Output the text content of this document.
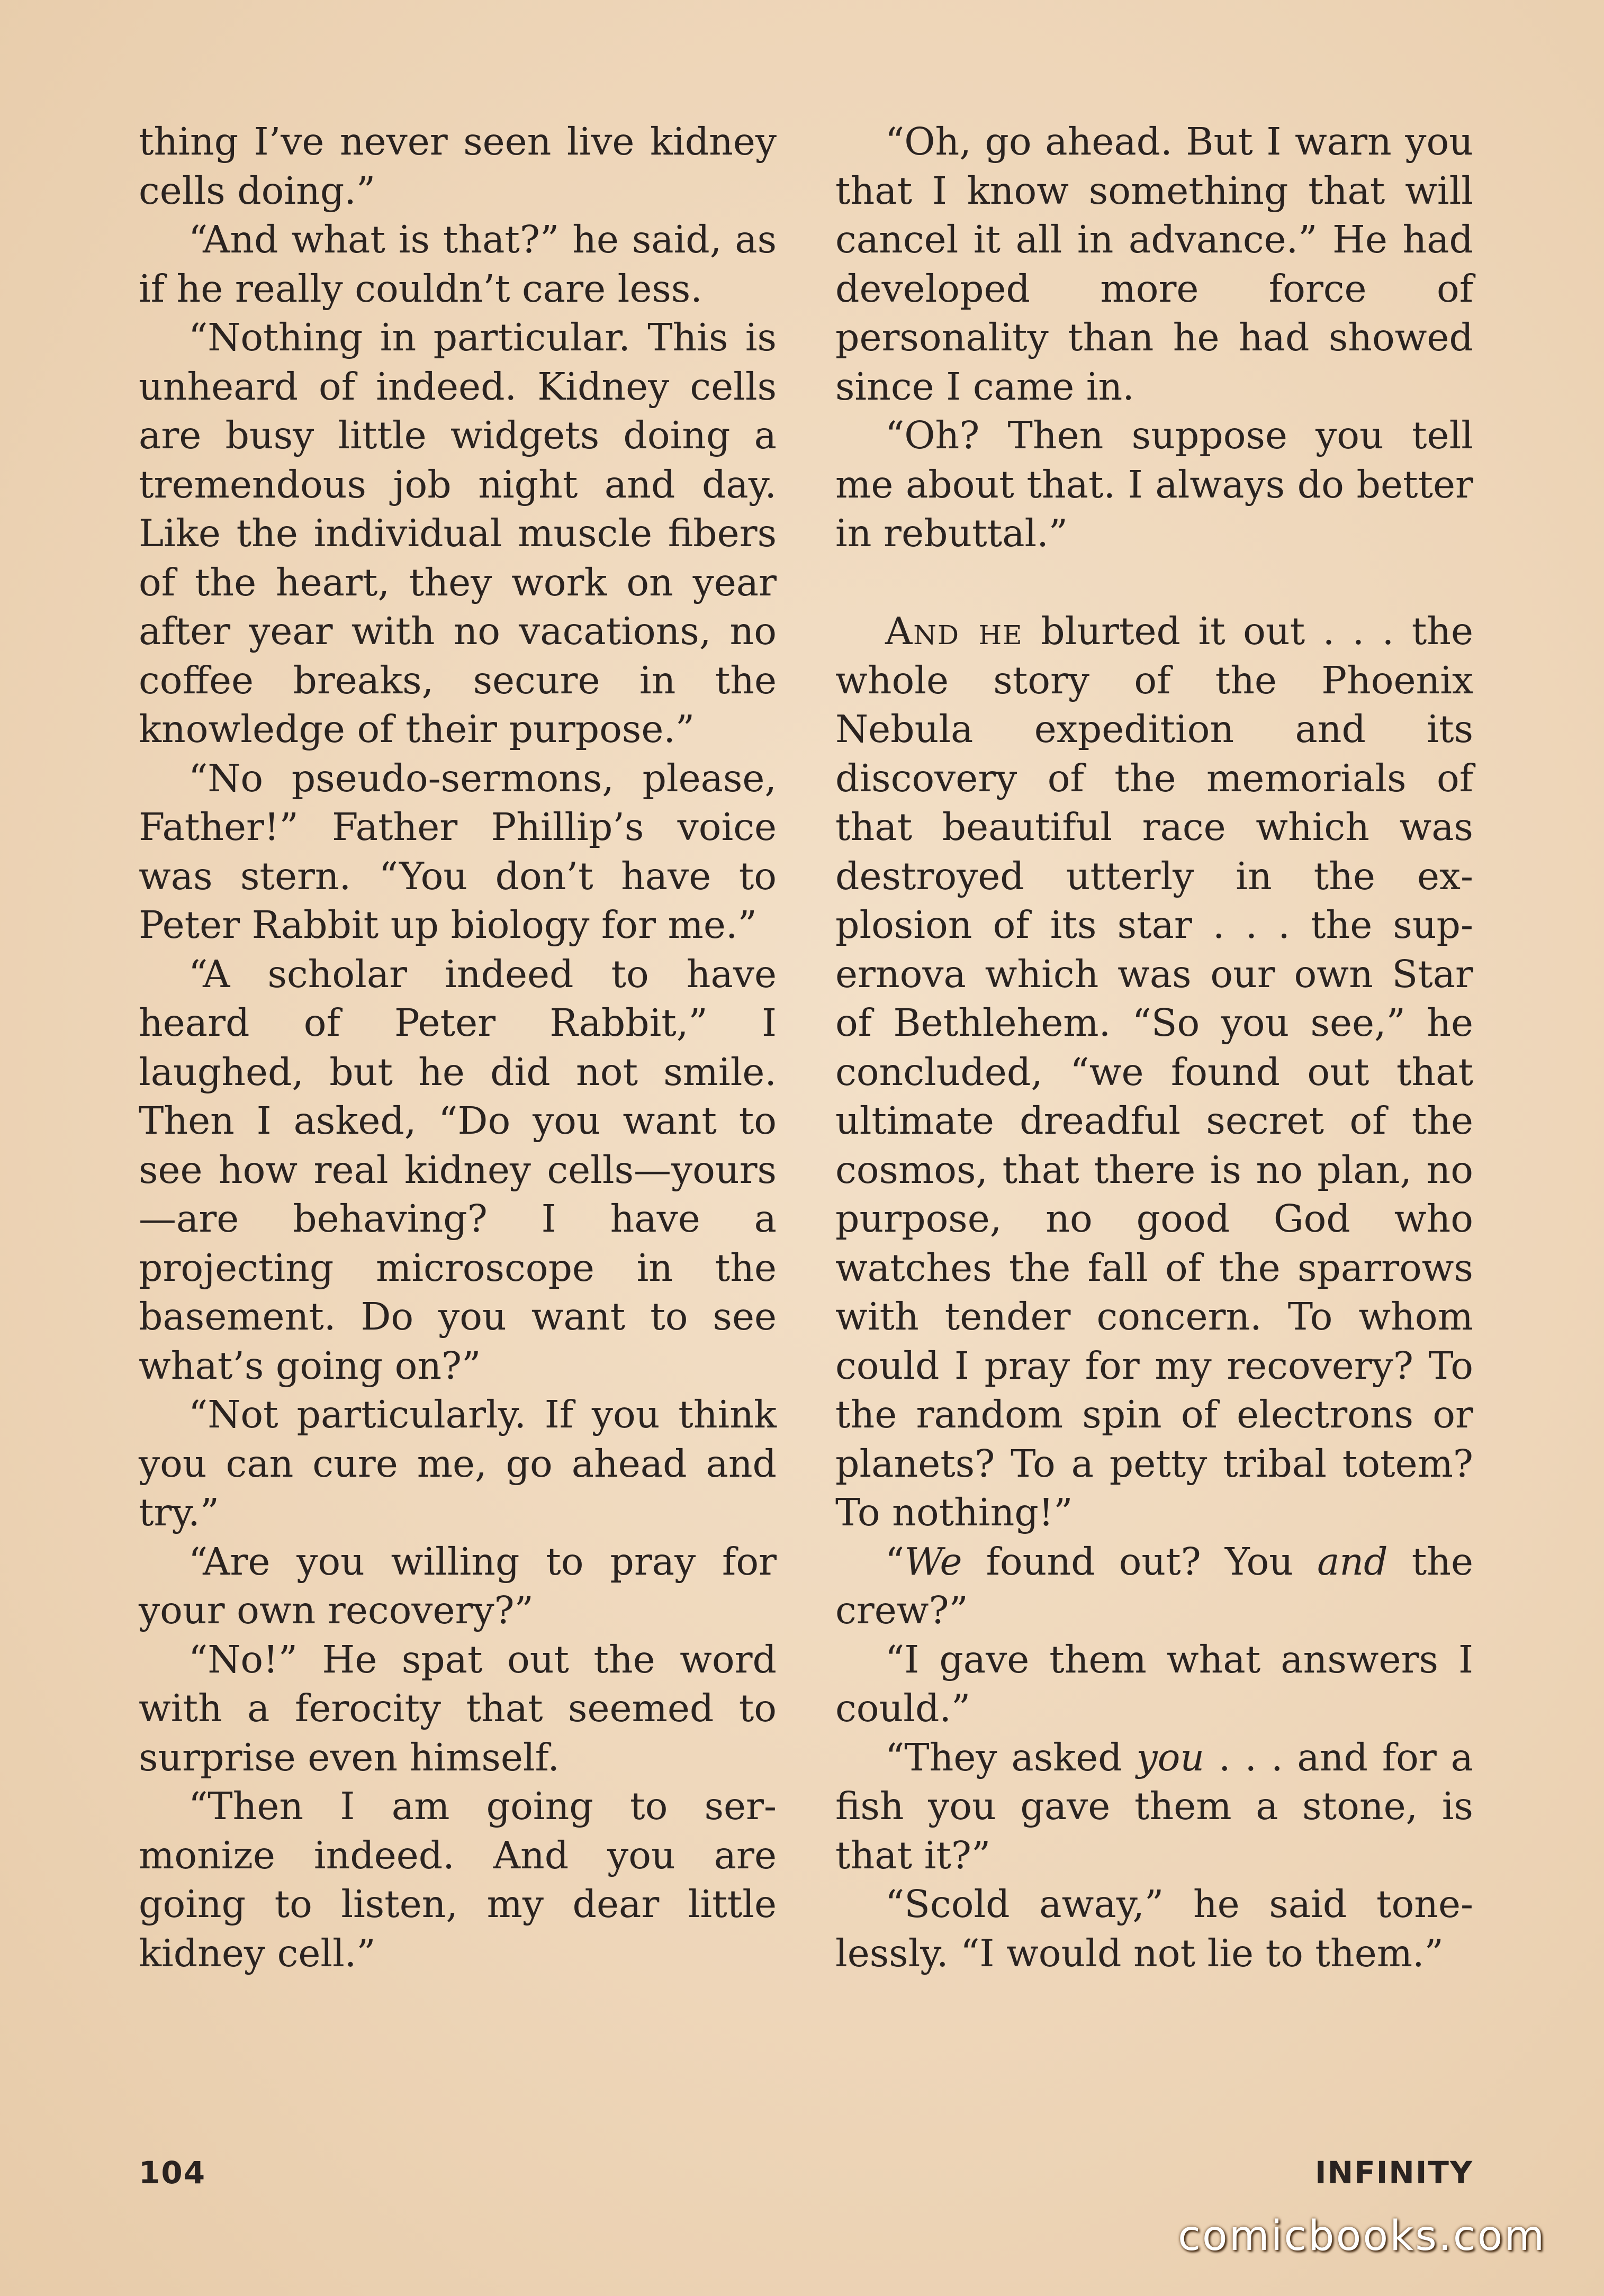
thing I’ve never seen live kidney cells doing.”

“And what is that?” he said, as if he really couldn’t care less.

“Nothing in particular. This is unheard of indeed. Kidney cells are busy little widgets doing a tremendous job night and day. Like the individual muscle fibers of the heart, they work on year after year with no vacations, no coffee breaks, secure in the knowledge of their purpose.”

“No pseudo-sermons, please, Father!” Father Phillip’s voice was stern. “You don’t have to Peter Rabbit up biology for me.”

“A scholar indeed to have heard of Peter Rabbit,” I laughed, but he did not smile. Then I asked, “Do you want to see how real kidney cells—yours—are behaving? I have a projecting microscope in the basement. Do you want to see what’s going on?”

“Not particularly. If you think you can cure me, go ahead and try.”

“Are you willing to pray for your own recovery?”

“No!” He spat out the word with a ferocity that seemed to surprise even himself.

“Then I am going to sermonize indeed. And you are going to listen, my dear little kidney cell.”

“Oh, go ahead. But I warn you that I know something that will cancel it all in advance.” He had developed more force of personality than he had showed since I came in.

“Oh? Then suppose you tell me about that. I always do better in rebuttal.”

And he blurted it out . . . the whole story of the Phoenix Nebula expedition and its discovery of the memorials of that beautiful race which was destroyed utterly in the explosion of its star . . . the supernova which was our own Star of Bethlehem. “So you see,” he concluded, “we found out that ultimate dreadful secret of the cosmos, that there is no plan, no purpose, no good God who watches the fall of the sparrows with tender concern. To whom could I pray for my recovery? To the random spin of electrons or planets? To a petty tribal totem? To nothing!”

“We found out? You and the crew?”

“I gave them what answers I could.”

“They asked you . . . and for a fish you gave them a stone, is that it?”

“Scold away,” he said tonelessly. “I would not lie to them.”

104	INFINITY
comicbooks.com
